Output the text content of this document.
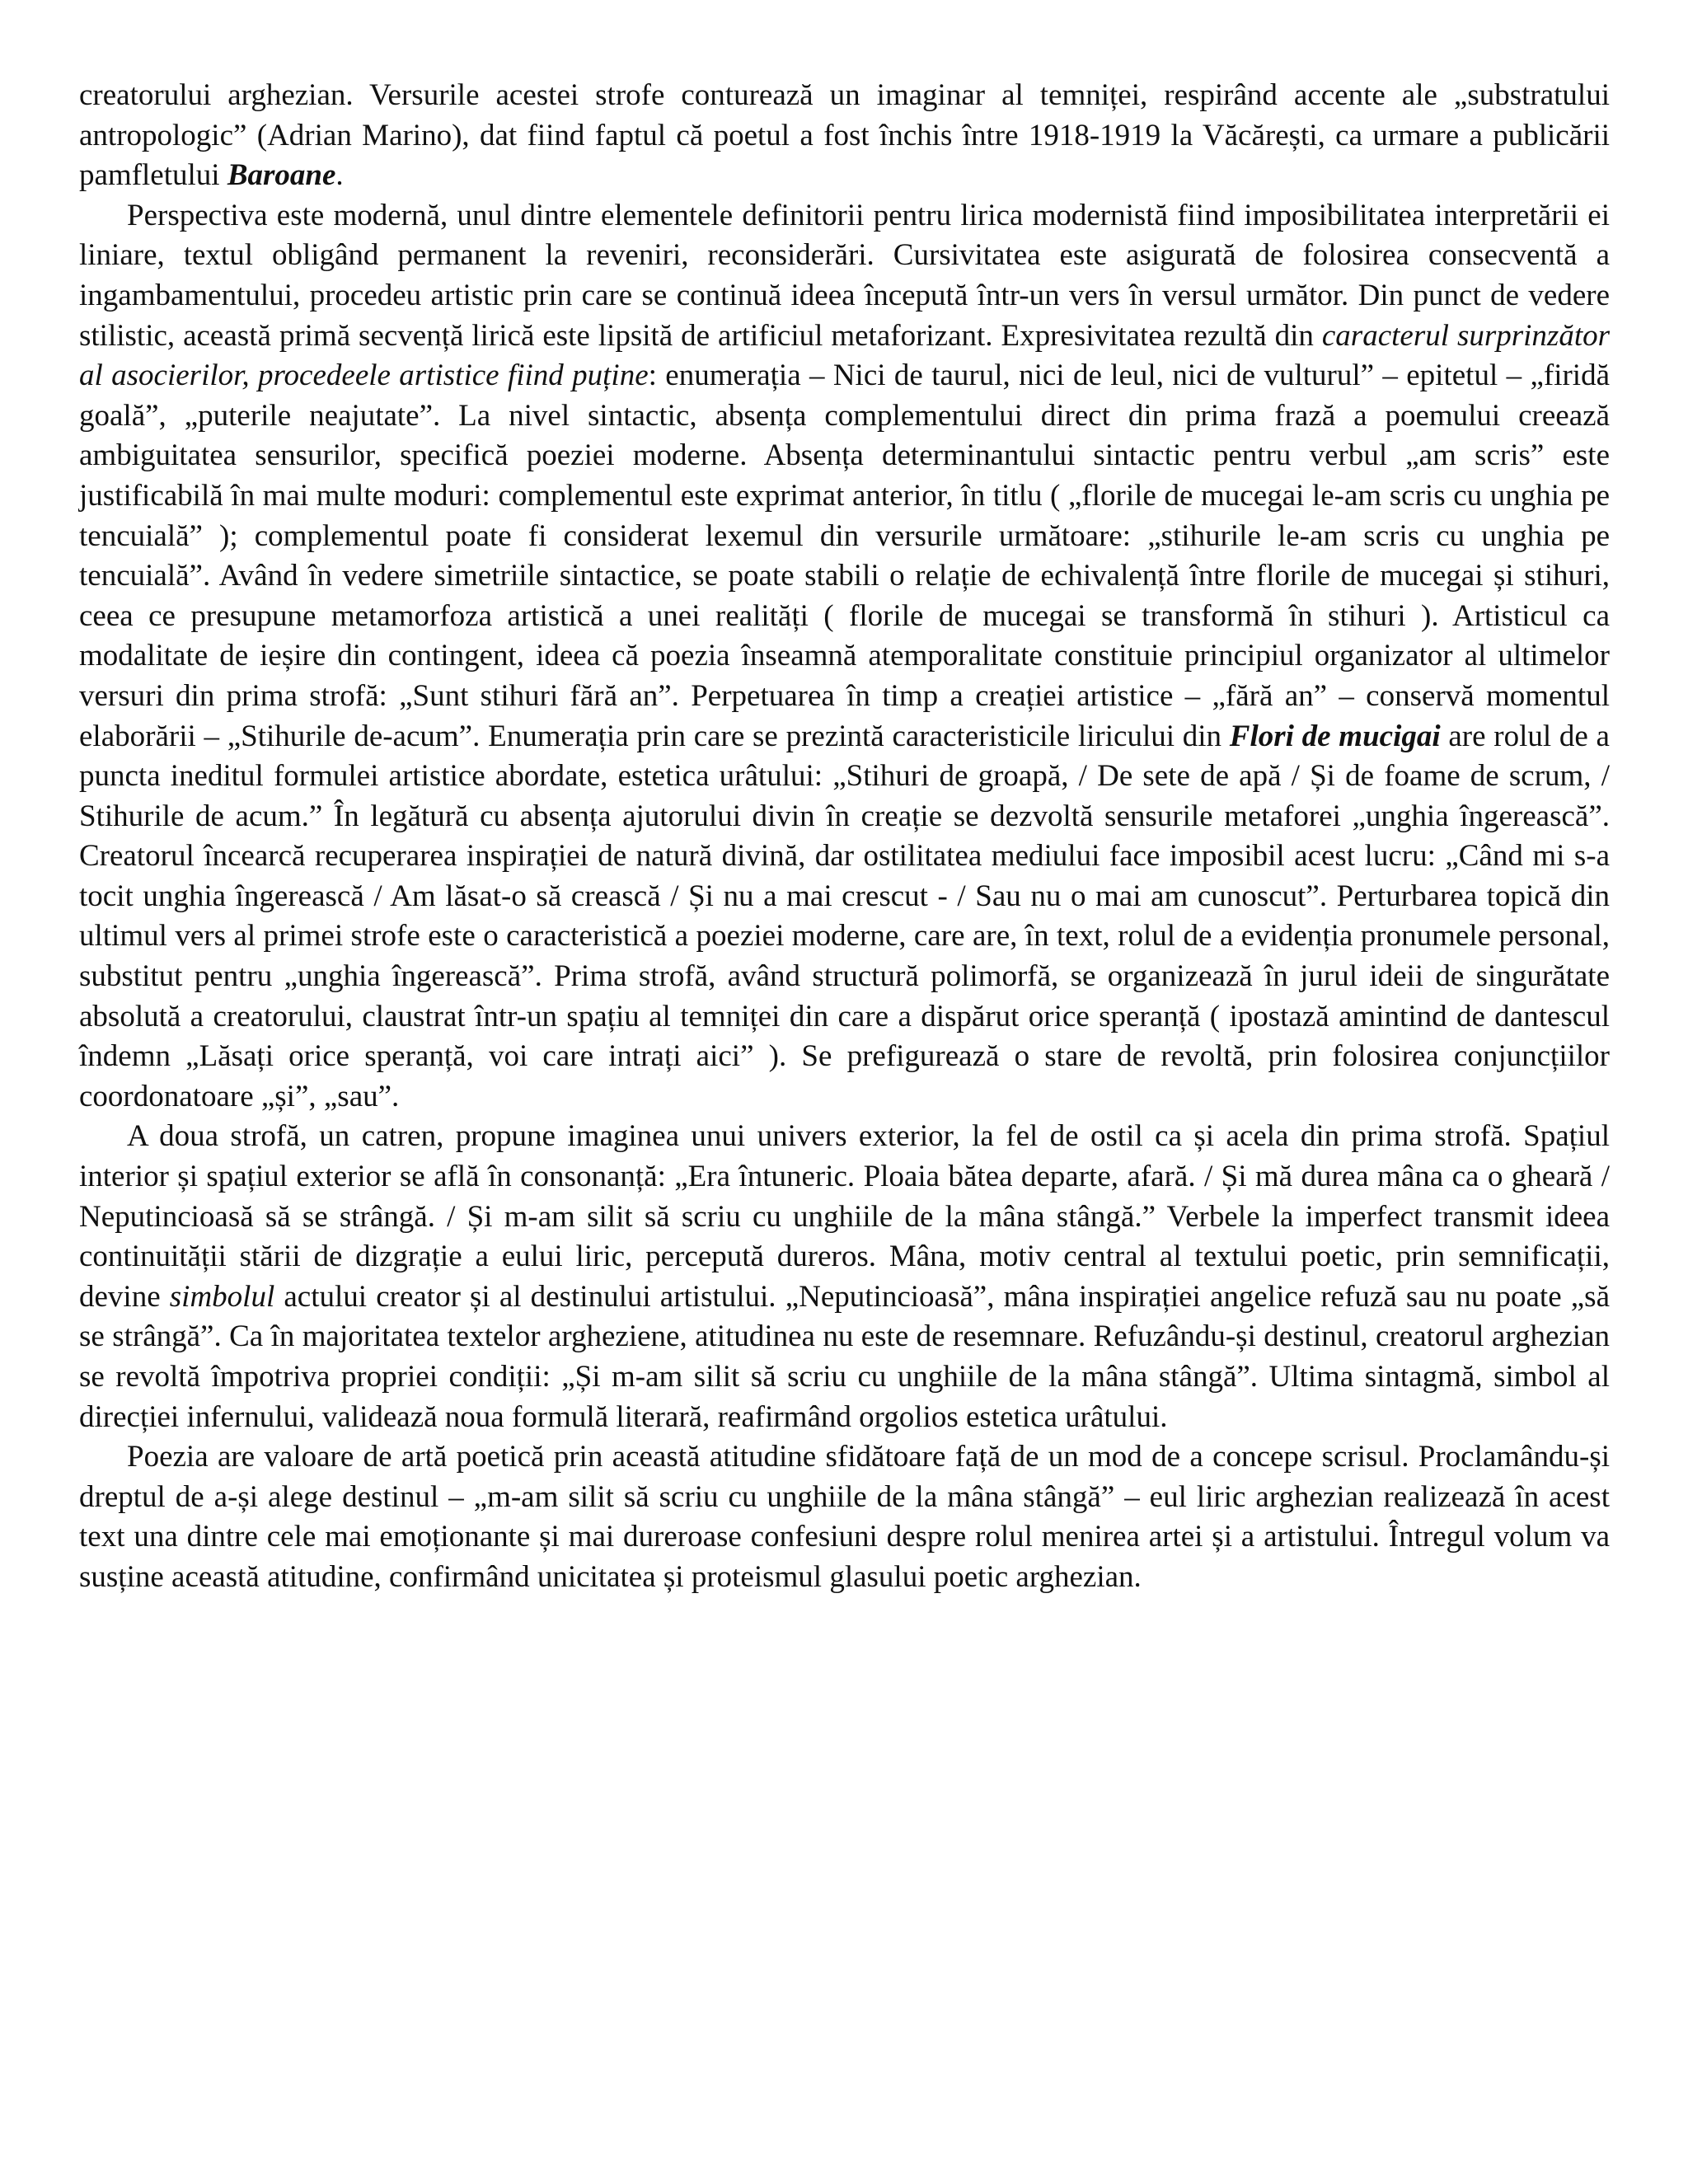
creatorului arghezian. Versurile acestei strofe conturează un imaginar al temniței, respirând accente ale „substratului antropologic” (Adrian Marino), dat fiind faptul că poetul a fost închis între 1918-1919 la Văcărești, ca urmare a publicării pamfletului Baroane.

Perspectiva este modernă, unul dintre elementele definitorii pentru lirica modernistă fiind imposibilitatea interpretării ei liniare, textul obligând permanent la reveniri, reconsiderări. Cursivitatea este asigurată de folosirea consecventă a ingambamentului, procedeu artistic prin care se continuă ideea începută într-un vers în versul următor. Din punct de vedere stilistic, această primă secvență lirică este lipsită de artificiul metaforizant. Expresivitatea rezultă din caracterul surprinzător al asocierilor, procedeele artistice fiind puține: enumerația – Nici de taurul, nici de leul, nici de vulturul” – epitetul – „firidă goală”, „puterile neajutate”. La nivel sintactic, absența complementului direct din prima frază a poemului creează ambiguitatea sensurilor, specifică poeziei moderne. Absența determinantului sintactic pentru verbul „am scris” este justificabilă în mai multe moduri: complementul este exprimat anterior, în titlu ( „florile de mucegai le-am scris cu unghia pe tencuială” ); complementul poate fi considerat lexemul din versurile următoare: „stihurile le-am scris cu unghia pe tencuială”. Având în vedere simetriile sintactice, se poate stabili o relație de echivalență între florile de mucegai și stihuri, ceea ce presupune metamorfoza artistică a unei realități ( florile de mucegai se transformă în stihuri ). Artisticul ca modalitate de ieșire din contingent, ideea că poezia înseamnă atemporalitate constituie principiul organizator al ultimelor versuri din prima strofă: „Sunt stihuri fără an”. Perpetuarea în timp a creației artistice – „fără an” – conservă momentul elaborării – „Stihurile de-acum”. Enumerația prin care se prezintă caracteristicile liricului din Flori de mucigai are rolul de a puncta ineditul formulei artistice abordate, estetica urâtului: „Stihuri de groapă, / De sete de apă / Și de foame de scrum, / Stihurile de acum.” În legătură cu absența ajutorului divin în creație se dezvoltă sensurile metaforei „unghia îngerească”. Creatorul încearcă recuperarea inspirației de natură divină, dar ostilitatea mediului face imposibil acest lucru: „Când mi s-a tocit unghia îngerească / Am lăsat-o să crească / Și nu a mai crescut - / Sau nu o mai am cunoscut”. Perturbarea topică din ultimul vers al primei strofe este o caracteristică a poeziei moderne, care are, în text, rolul de a evidenția pronumele personal, substitut pentru „unghia îngerească”. Prima strofă, având structură polimorfă, se organizează în jurul ideii de singurătate absolută a creatorului, claustrat într-un spațiu al temniței din care a dispărut orice speranță ( ipostază amintind de dantescul îndemn „Lăsați orice speranță, voi care intrați aici” ). Se prefigurează o stare de revoltă, prin folosirea conjuncțiilor coordonatoare „și”, „sau”.

A doua strofă, un catren, propune imaginea unui univers exterior, la fel de ostil ca și acela din prima strofă. Spațiul interior și spațiul exterior se află în consonanță: „Era întuneric. Ploaia bătea departe, afară. / Și mă durea mâna ca o gheară / Neputincioasă să se strângă. / Și m-am silit să scriu cu unghiile de la mâna stângă.” Verbele la imperfect transmit ideea continuității stării de dizgrație a eului liric, percepută dureros. Mâna, motiv central al textului poetic, prin semnificații, devine simbolul actului creator și al destinului artistului. „Neputincioasă”, mâna inspirației angelice refuză sau nu poate „să se strângă”. Ca în majoritatea textelor argheziene, atitudinea nu este de resemnare. Refuzându-și destinul, creatorul arghezian se revoltă împotriva propriei condiții: „Și m-am silit să scriu cu unghiile de la mâna stângă”. Ultima sintagmă, simbol al direcției infernului, validează noua formulă literară, reafirmând orgolios estetica urâtului.

Poezia are valoare de artă poetică prin această atitudine sfidătoare față de un mod de a concepe scrisul. Proclamându-și dreptul de a-și alege destinul – „m-am silit să scriu cu unghiile de la mâna stângă” – eul liric arghezian realizează în acest text una dintre cele mai emoționante și mai dureroase confesiuni despre rolul menirea artei și a artistului. Întregul volum va susține această atitudine, confirmând unicitatea și proteismul glasului poetic arghezian.
